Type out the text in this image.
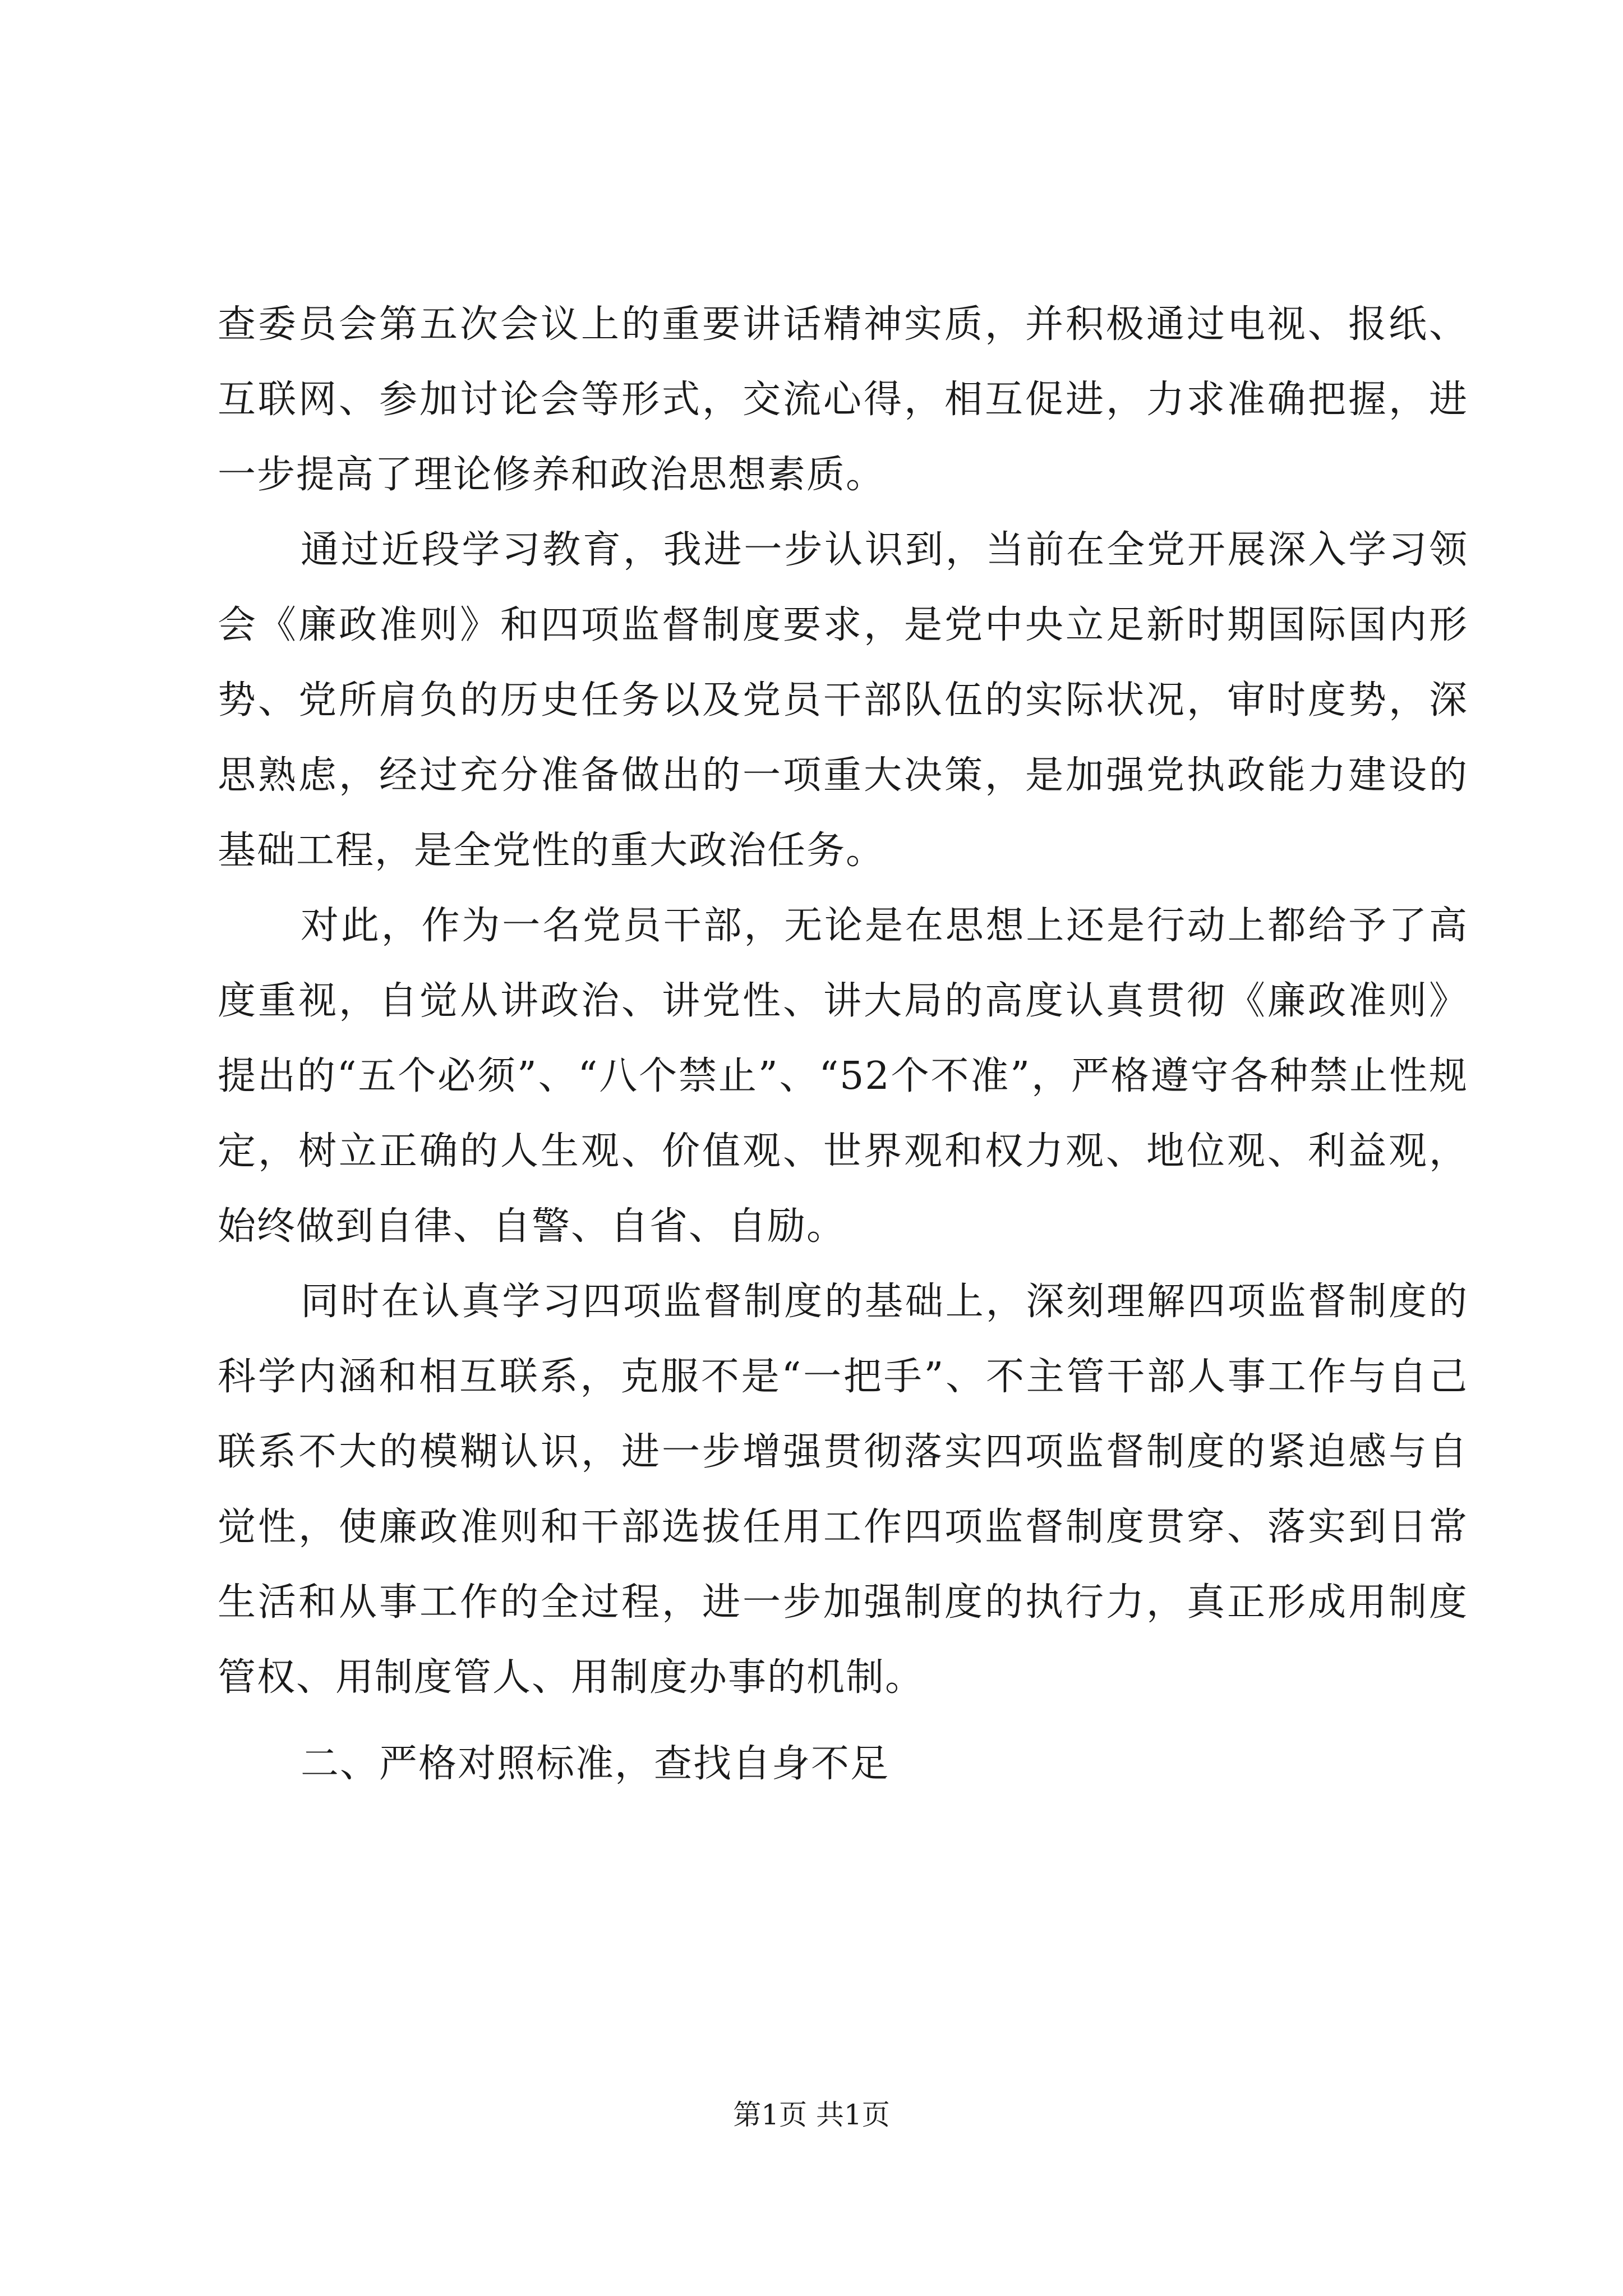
查委员会第五次会议上的重要讲话精神实质，并积极通过电视、报纸、互联网、参加讨论会等形式，交流心得，相互促进，力求准确把握，进一步提高了理论修养和政治思想素质。

通过近段学习教育，我进一步认识到，当前在全党开展深入学习领会《廉政准则》和四项监督制度要求，是党中央立足新时期国际国内形势、党所肩负的历史任务以及党员干部队伍的实际状况，审时度势，深思熟虑，经过充分准备做出的一项重大决策，是加强党执政能力建设的基础工程，是全党性的重大政治任务。

对此，作为一名党员干部，无论是在思想上还是行动上都给予了高度重视，自觉从讲政治、讲党性、讲大局的高度认真贯彻《廉政准则》提出的“五个必须”、“八个禁止”、“52个不准”，严格遵守各种禁止性规定，树立正确的人生观、价值观、世界观和权力观、地位观、利益观，始终做到自律、自警、自省、自励。

同时在认真学习四项监督制度的基础上，深刻理解四项监督制度的科学内涵和相互联系，克服不是“一把手”、不主管干部人事工作与自己联系不大的模糊认识，进一步增强贯彻落实四项监督制度的紧迫感与自觉性，使廉政准则和干部选拔任用工作四项监督制度贯穿、落实到日常生活和从事工作的全过程，进一步加强制度的执行力，真正形成用制度管权、用制度管人、用制度办事的机制。

二、严格对照标准，查找自身不足

第1页 共1页
